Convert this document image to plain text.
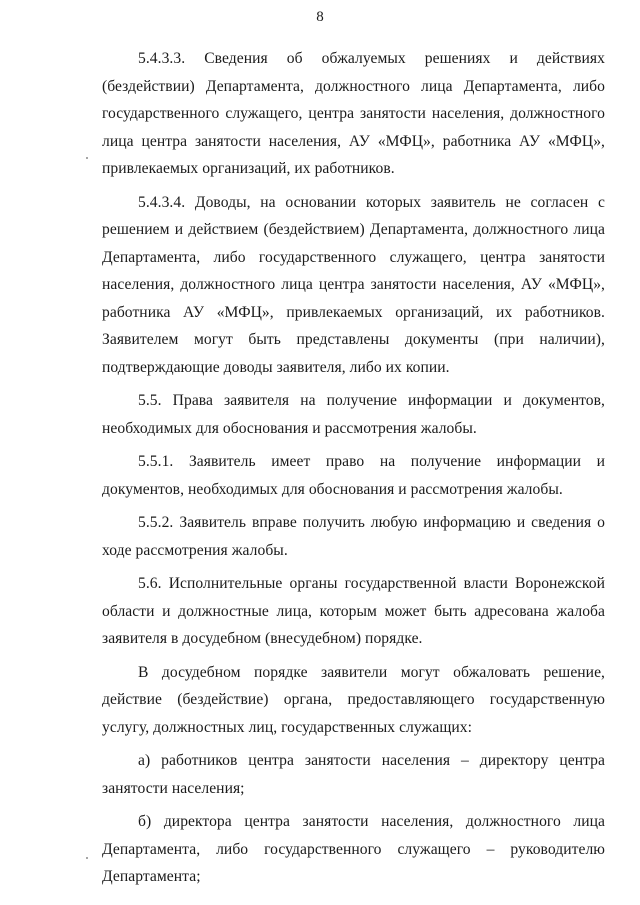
8

5.4.3.3. Сведения об обжалуемых решениях и действиях (бездействии) Департамента, должностного лица Департамента, либо государственного служащего, центра занятости населения, должностного лица центра занятости населения, АУ «МФЦ», работника АУ «МФЦ», привлекаемых организаций, их работников.

5.4.3.4. Доводы, на основании которых заявитель не согласен с решением и действием (бездействием) Департамента, должностного лица Департамента, либо государственного служащего, центра занятости населения, должностного лица центра занятости населения, АУ «МФЦ», работника АУ «МФЦ», привлекаемых организаций, их работников. Заявителем могут быть представлены документы (при наличии), подтверждающие доводы заявителя, либо их копии.

5.5. Права заявителя на получение информации и документов, необходимых для обоснования и рассмотрения жалобы.

5.5.1. Заявитель имеет право на получение информации и документов, необходимых для обоснования и рассмотрения жалобы.

5.5.2. Заявитель вправе получить любую информацию и сведения о ходе рассмотрения жалобы.

5.6. Исполнительные органы государственной власти Воронежской области и должностные лица, которым может быть адресована жалоба заявителя в досудебном (внесудебном) порядке.

В досудебном порядке заявители могут обжаловать решение, действие (бездействие) органа, предоставляющего государственную услугу, должностных лиц, государственных служащих:

а) работников центра занятости населения – директору центра занятости населения;

б) директора центра занятости населения, должностного лица Департамента, либо государственного служащего – руководителю Департамента;
